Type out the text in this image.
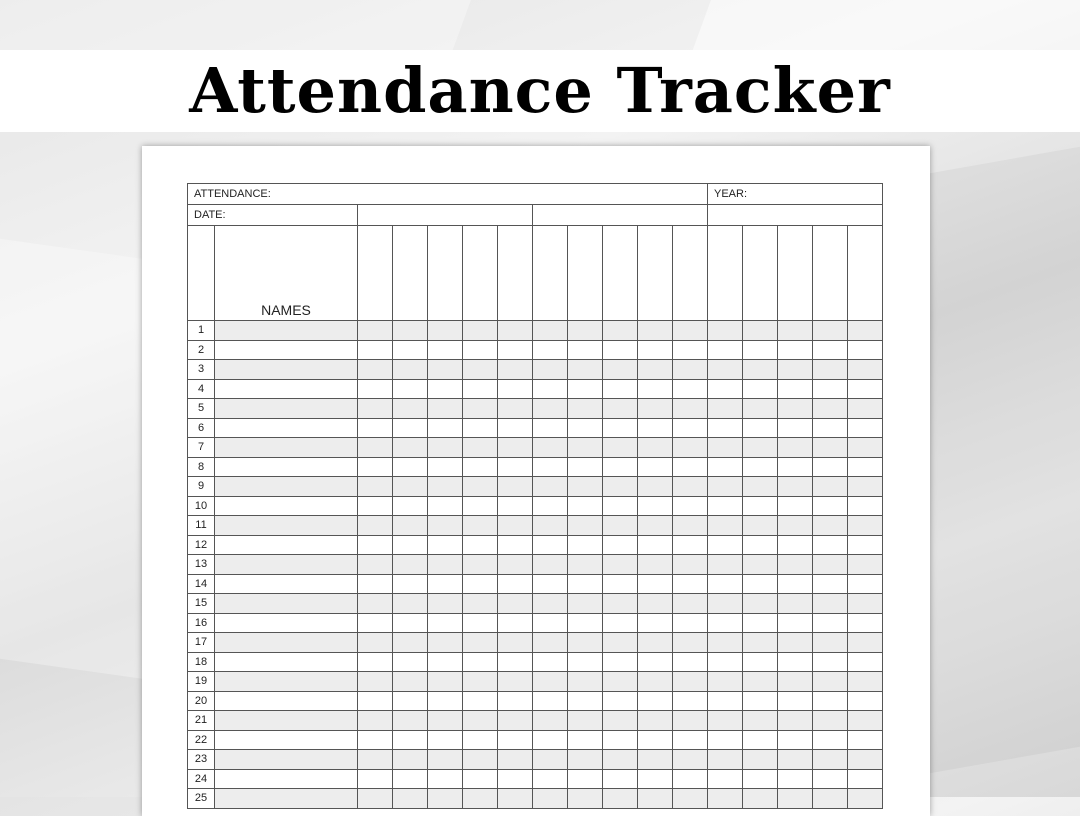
Attendance Tracker
ATTENDANCE:												YEAR:				
DATE:																
	NAMES															
1																
2																
3																
4																
5																
6																
7																
8																
9																
10																
11																
12																
13																
14																
15																
16																
17																
18																
19																
20																
21																
22																
23																
24																
25																
